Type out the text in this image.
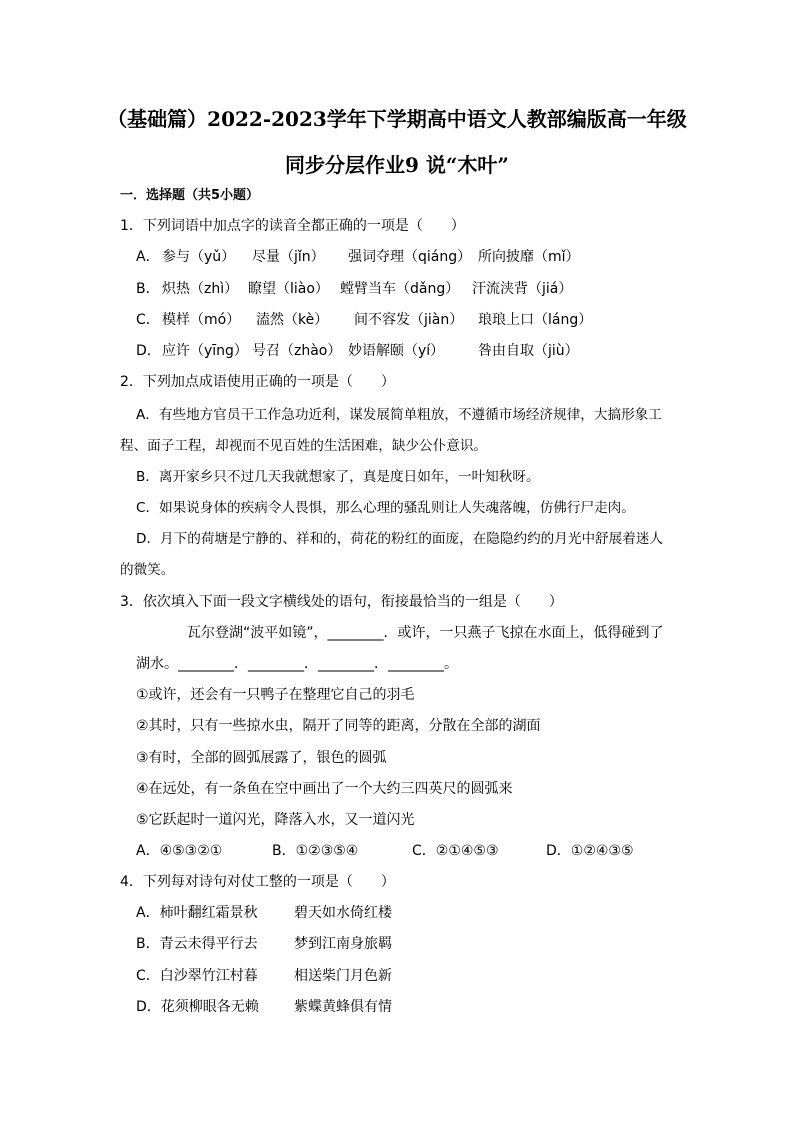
（基础篇）2022-2023学年下学期高中语文人教部编版高一年级
同步分层作业9 说“木叶”
一．选择题（共5小题）
1．下列词语中加点字的读音全都正确的一项是（　　）
A． 参与（yǔ） 尽量（jǐn） 强词夺理（qiáng） 所向披靡（mǐ）
B． 炽热（zhì） 瞭望（liào） 螳臂当车（dǎng） 汗流浃背（jiá）
C． 模样（mó） 溘然（kè） 间不容发（jiàn） 琅琅上口（láng）
D． 应许（yīng） 号召（zhào） 妙语解颐（yí） 咎由自取（jiù）
2．下列加点成语使用正确的一项是（　　）
A．有些地方官员干工作急功近利，谋发展简单粗放，不遵循市场经济规律，大搞形象工
程、面子工程，却视而不见百姓的生活困难，缺少公仆意识。
B．离开家乡只不过几天我就想家了，真是度日如年，一叶知秋呀。
C．如果说身体的疾病令人畏惧，那么心理的骚乱则让人失魂落魄，仿佛行尸走肉。
D．月下的荷塘是宁静的、祥和的，荷花的粉红的面庞，在隐隐约约的月光中舒展着迷人
的微笑。
3．依次填入下面一段文字横线处的语句，衔接最恰当的一组是（　　）
瓦尔登湖“波平如镜”，________．或许，一只燕子飞掠在水面上，低得碰到了
湖水。________．________．________．________。
①或许，还会有一只鸭子在整理它自己的羽毛
②其时，只有一些掠水虫，隔开了同等的距离，分散在全部的湖面
③有时，全部的圆弧展露了，银色的圆弧
④在远处，有一条鱼在空中画出了一个大约三四英尺的圆弧来
⑤它跃起时一道闪光，降落入水，又一道闪光
A．④⑤③②①	B．①②③⑤④	C．②①④⑤③	D．①②④③⑤
4．下列每对诗句对仗工整的一项是（　　）
A．柿叶翻红霜景秋	碧天如水倚红楼
B．青云未得平行去	梦到江南身旅羁
C．白沙翠竹江村暮	相送柴门月色新
D．花须柳眼各无赖	紫蝶黄蜂俱有情
